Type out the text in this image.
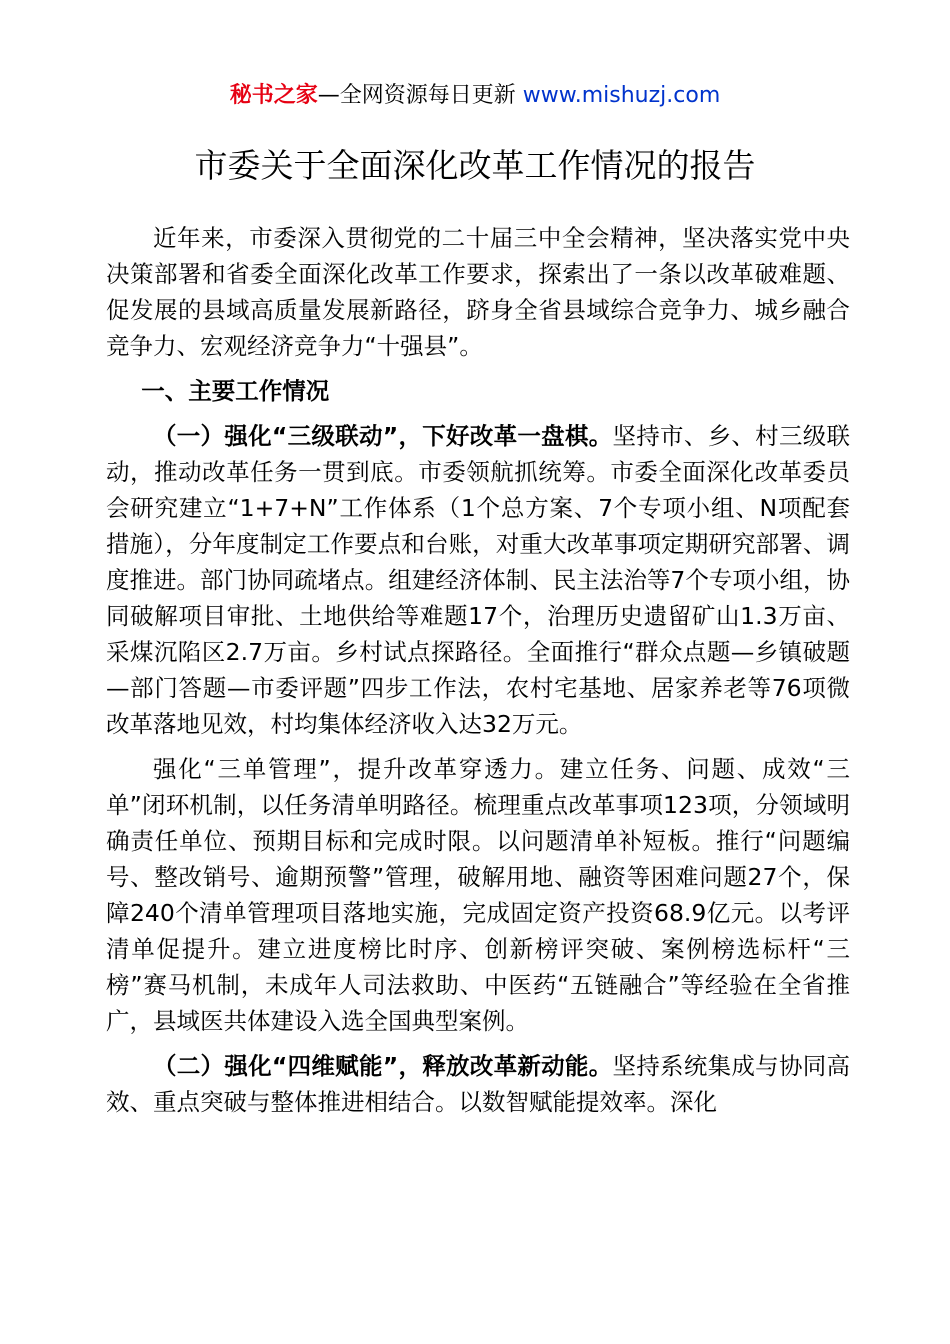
秘书之家—全网资源每日更新 www.mishuzj.com
市委关于全面深化改革工作情况的报告

近年来，市委深入贯彻党的二十届三中全会精神，坚决落实党中央决策部署和省委全面深化改革工作要求，探索出了一条以改革破难题、促发展的县域高质量发展新路径，跻身全省县域综合竞争力、城乡融合竞争力、宏观经济竞争力“十强县”。

一、主要工作情况

（一）强化“三级联动”，下好改革一盘棋。坚持市、乡、村三级联动，推动改革任务一贯到底。市委领航抓统筹。市委全面深化改革委员会研究建立“1+7+N”工作体系（1个总方案、7个专项小组、N项配套措施），分年度制定工作要点和台账，对重大改革事项定期研究部署、调度推进。部门协同疏堵点。组建经济体制、民主法治等7个专项小组，协同破解项目审批、土地供给等难题17个，治理历史遗留矿山1.3万亩、采煤沉陷区2.7万亩。乡村试点探路径。全面推行“群众点题—乡镇破题—部门答题—市委评题”四步工作法，农村宅基地、居家养老等76项微改革落地见效，村均集体经济收入达32万元。

强化“三单管理”，提升改革穿透力。建立任务、问题、成效“三单”闭环机制，以任务清单明路径。梳理重点改革事项123项，分领域明确责任单位、预期目标和完成时限。以问题清单补短板。推行“问题编号、整改销号、逾期预警”管理，破解用地、融资等困难问题27个，保障240个清单管理项目落地实施，完成固定资产投资68.9亿元。以考评清单促提升。建立进度榜比时序、创新榜评突破、案例榜选标杆“三榜”赛马机制，未成年人司法救助、中医药“五链融合”等经验在全省推广，县域医共体建设入选全国典型案例。

（二）强化“四维赋能”，释放改革新动能。坚持系统集成与协同高效、重点突破与整体推进相结合。以数智赋能提效率。深化
